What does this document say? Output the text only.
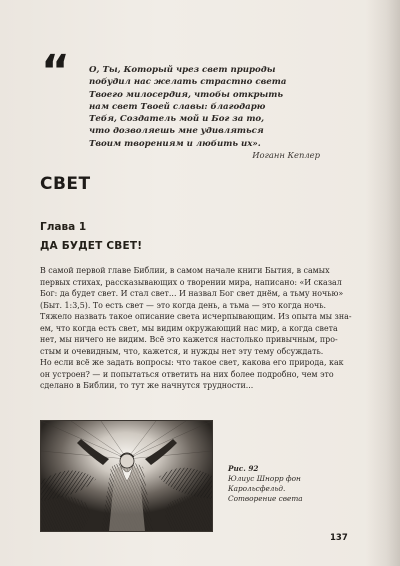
“ О, Ты, Который чрез свет природы
побудил нас желать страстно света
Твоего милосердия, чтобы открыть
нам свет Твоей славы: благодарю
Тебя, Создатель мой и Бог за то,
что дозволяешь мне удивляться
Твоим творениям и любить их».
Иоганн Кеплер
СВЕТ
Глава 1
ДА БУДЕТ СВЕТ!
В самой первой главе Библии, в самом начале книги Бытия, в самых
первых стихах, рассказывающих о творении мира, написано: «И сказал
Бог: да будет свет. И стал свет... И назвал Бог свет днём, а тьму ночью»
(Быт. 1:3,5). То есть свет — это когда день, а тьма — это когда ночь.
Тяжело назвать такое описание света исчерпывающим. Из опыта мы зна-
ем, что когда есть свет, мы видим окружающий нас мир, а когда света
нет, мы ничего не видим. Всё это кажется настолько привычным, про-
стым и очевидным, что, кажется, и нужды нет эту тему обсуждать.
Но если всё же задать вопросы: что такое свет, какова его природа, как
он устроен? — и попытаться ответить на них более подробно, чем это
сделано в Библии, то тут же начнутся трудности...
Рис. 92
Юлиус Шнорр фон
Карольсфельд.
Сотворение света
137
